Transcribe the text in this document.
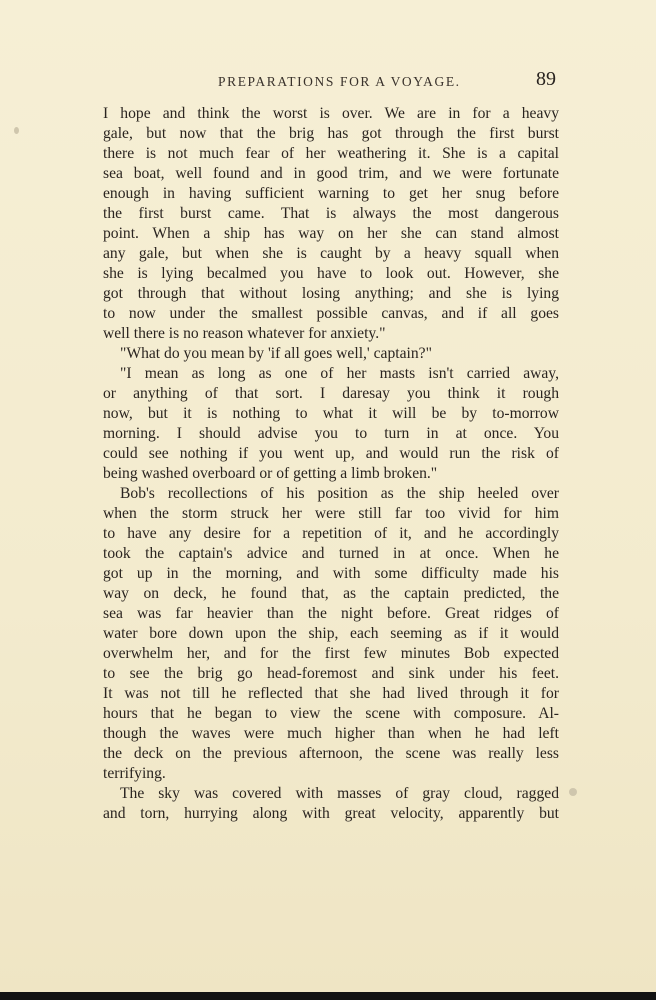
PREPARATIONS FOR A VOYAGE.	89
I hope and think the worst is over. We are in for a heavy
gale, but now that the brig has got through the first burst
there is not much fear of her weathering it. She is a capital
sea boat, well found and in good trim, and we were fortunate
enough in having sufficient warning to get her snug before
the first burst came. That is always the most dangerous
point. When a ship has way on her she can stand almost
any gale, but when she is caught by a heavy squall when
she is lying becalmed you have to look out. However, she
got through that without losing anything; and she is lying
to now under the smallest possible canvas, and if all goes
well there is no reason whatever for anxiety."
"What do you mean by 'if all goes well,' captain?"
"I mean as long as one of her masts isn't carried away,
or anything of that sort. I daresay you think it rough
now, but it is nothing to what it will be by to-morrow
morning. I should advise you to turn in at once. You
could see nothing if you went up, and would run the risk of
being washed overboard or of getting a limb broken."
Bob's recollections of his position as the ship heeled over
when the storm struck her were still far too vivid for him
to have any desire for a repetition of it, and he accordingly
took the captain's advice and turned in at once. When he
got up in the morning, and with some difficulty made his
way on deck, he found that, as the captain predicted, the
sea was far heavier than the night before. Great ridges of
water bore down upon the ship, each seeming as if it would
overwhelm her, and for the first few minutes Bob expected
to see the brig go head-foremost and sink under his feet.
It was not till he reflected that she had lived through it for
hours that he began to view the scene with composure. Al-
though the waves were much higher than when he had left
the deck on the previous afternoon, the scene was really less
terrifying.
The sky was covered with masses of gray cloud, ragged
and torn, hurrying along with great velocity, apparently but
